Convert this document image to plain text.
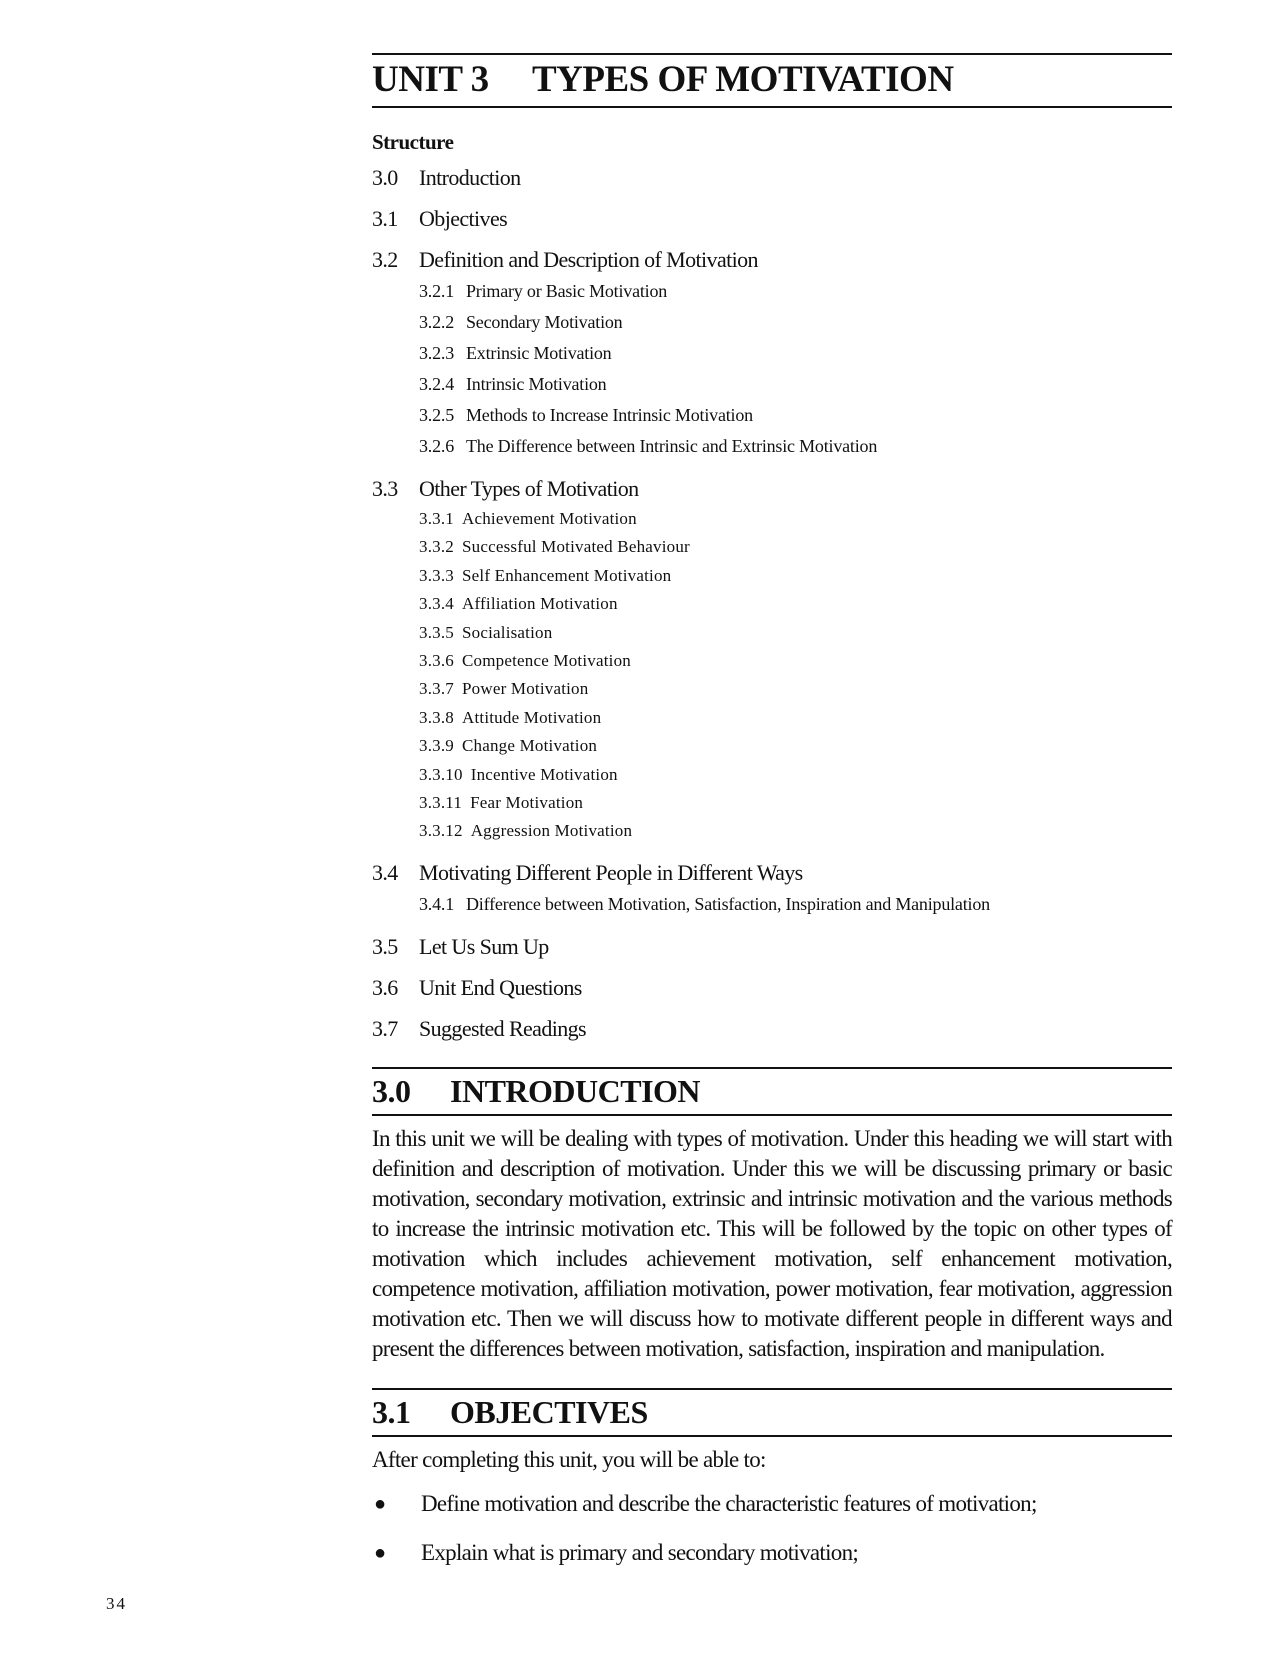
UNIT 3	TYPES OF MOTIVATION
Structure
3.0 Introduction
3.1 Objectives
3.2 Definition and Description of Motivation
3.2.1 Primary or Basic Motivation
3.2.2 Secondary Motivation
3.2.3 Extrinsic Motivation
3.2.4 Intrinsic Motivation
3.2.5 Methods to Increase Intrinsic Motivation
3.2.6 The Difference between Intrinsic and Extrinsic Motivation
3.3 Other Types of Motivation
3.3.1 Achievement Motivation
3.3.2 Successful Motivated Behaviour
3.3.3 Self Enhancement Motivation
3.3.4 Affiliation Motivation
3.3.5 Socialisation
3.3.6 Competence Motivation
3.3.7 Power Motivation
3.3.8 Attitude Motivation
3.3.9 Change Motivation
3.3.10 Incentive Motivation
3.3.11 Fear Motivation
3.3.12 Aggression Motivation
3.4 Motivating Different People in Different Ways
3.4.1 Difference between Motivation, Satisfaction, Inspiration and Manipulation
3.5 Let Us Sum Up
3.6 Unit End Questions
3.7 Suggested Readings
3.0	INTRODUCTION

In this unit we will be dealing with types of motivation. Under this heading we will start with definition and description of motivation. Under this we will be discussing primary or basic motivation, secondary motivation, extrinsic and intrinsic motivation and the various methods to increase the intrinsic motivation etc. This will be followed by the topic on other types of motivation which includes achievement motivation, self enhancement motivation, competence motivation, affiliation motivation, power motivation, fear motivation, aggression motivation etc. Then we will discuss how to motivate different people in different ways and present the differences between motivation, satisfaction, inspiration and manipulation.

3.1	OBJECTIVES

After completing this unit, you will be able to:

●	Define motivation and describe the characteristic features of motivation;
●	Explain what is primary and secondary motivation;
34
